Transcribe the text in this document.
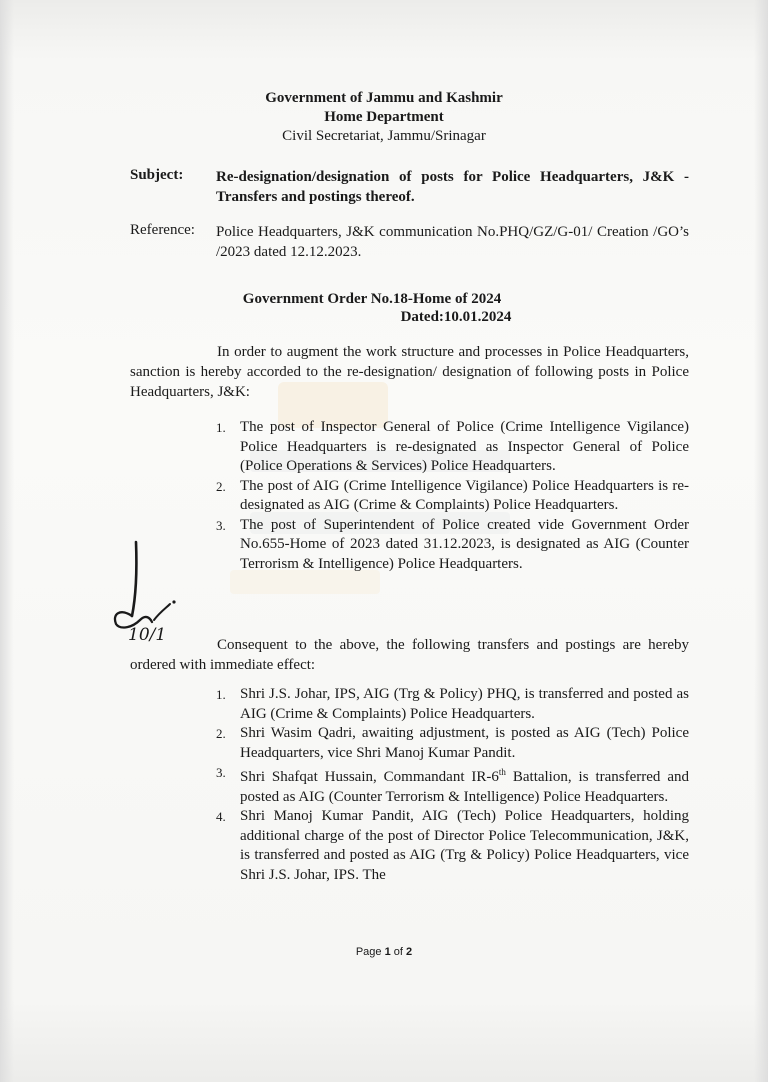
Government of Jammu and Kashmir
Home Department
Civil Secretariat, Jammu/Srinagar
Subject: Re-designation/designation of posts for Police Headquarters, J&K - Transfers and postings thereof.
Reference: Police Headquarters, J&K communication No.PHQ/GZ/G-01/ Creation /GO’s /2023 dated 12.12.2023.
Government Order No.18-Home of 2024
Dated:10.01.2024

In order to augment the work structure and processes in Police Headquarters, sanction is hereby accorded to the re-designation/ designation of following posts in Police Headquarters, J&K:

1. The post of Inspector General of Police (Crime Intelligence Vigilance) Police Headquarters is re-designated as Inspector General of Police (Police Operations & Services) Police Headquarters.
2. The post of AIG (Crime Intelligence Vigilance) Police Headquarters is re-designated as AIG (Crime & Complaints) Police Headquarters.
3. The post of Superintendent of Police created vide Government Order No.655-Home of 2023 dated 31.12.2023, is designated as AIG (Counter Terrorism & Intelligence) Police Headquarters.
10/1	Consequent to the above, the following transfers and postings are hereby ordered with immediate effect:

1. Shri J.S. Johar, IPS, AIG (Trg & Policy) PHQ, is transferred and posted as AIG (Crime & Complaints) Police Headquarters.
2. Shri Wasim Qadri, awaiting adjustment, is posted as AIG (Tech) Police Headquarters, vice Shri Manoj Kumar Pandit.
3. Shri Shafqat Hussain, Commandant IR-6th Battalion, is transferred and posted as AIG (Counter Terrorism & Intelligence) Police Headquarters.
4. Shri Manoj Kumar Pandit, AIG (Tech) Police Headquarters, holding additional charge of the post of Director Police Telecommunication, J&K, is transferred and posted as AIG (Trg & Policy) Police Headquarters, vice Shri J.S. Johar, IPS. The
Page 1 of 2
